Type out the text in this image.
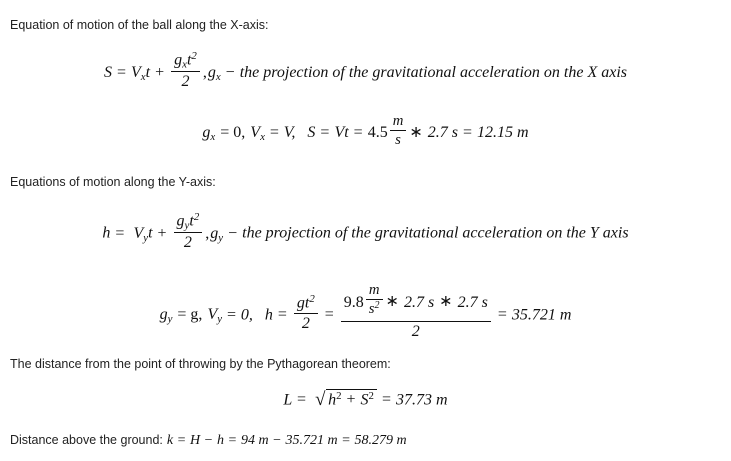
Equation of motion of the ball along the X-axis:
$S = V_xt + \frac{g_xt^2}{2} ,g_x$ − the projection of the gravitational acceleration on the X axis
$g_x = 0$, $V_x = V$, $S = Vt = 4.5 \frac{m}{s}$ ∗ 2.7 s = 12.15 m
Equations of motion along the Y-axis:
$h = V_yt + \frac{g_yt^2}{2} ,g_y$ − the projection of the gravitational acceleration on the Y axis
$g_y = g$, $V_y = 0$, $h = \frac{gt^2}{2} = \frac{9.8 \frac{m}{s^2} ∗ 2.7 s ∗ 2.7 s}{2} = 35.721$ m
The distance from the point of throwing by the Pythagorean theorem:
L = √ $h^2 + S^2 = 37.73$ m
Distance above the ground: k = H − h = 94 m − 35.721 m = 58.279 m
